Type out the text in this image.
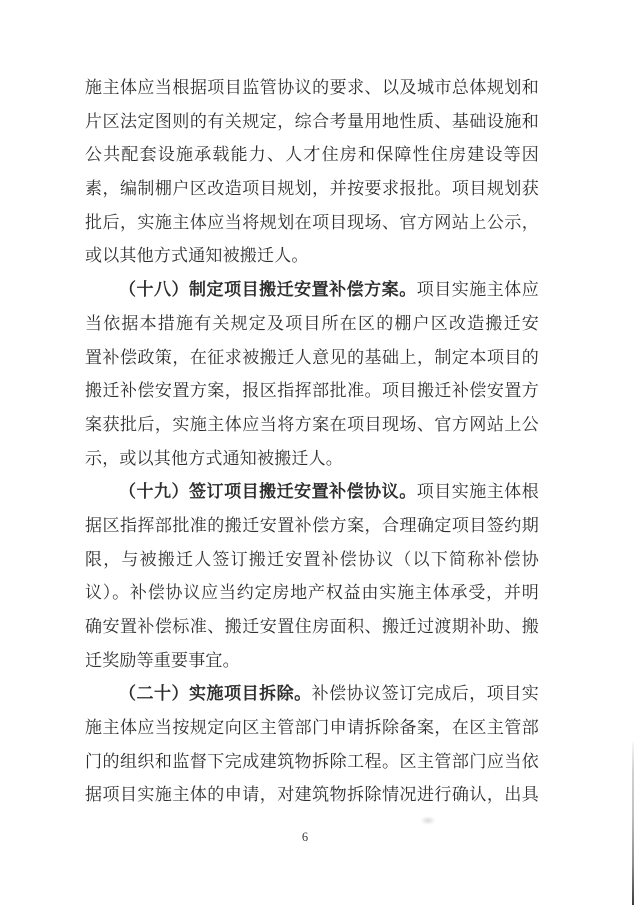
施主体应当根据项目监管协议的要求、以及城市总体规划和
片区法定图则的有关规定，综合考量用地性质、基础设施和
公共配套设施承载能力、人才住房和保障性住房建设等因
素，编制棚户区改造项目规划，并按要求报批。项目规划获
批后，实施主体应当将规划在项目现场、官方网站上公示，
或以其他方式通知被搬迁人。
（十八）制定项目搬迁安置补偿方案。项目实施主体应
当依据本措施有关规定及项目所在区的棚户区改造搬迁安
置补偿政策，在征求被搬迁人意见的基础上，制定本项目的
搬迁补偿安置方案，报区指挥部批准。项目搬迁补偿安置方
案获批后，实施主体应当将方案在项目现场、官方网站上公
示，或以其他方式通知被搬迁人。
（十九）签订项目搬迁安置补偿协议。项目实施主体根
据区指挥部批准的搬迁安置补偿方案，合理确定项目签约期
限，与被搬迁人签订搬迁安置补偿协议（以下简称补偿协
议）。补偿协议应当约定房地产权益由实施主体承受，并明
确安置补偿标准、搬迁安置住房面积、搬迁过渡期补助、搬
迁奖励等重要事宜。
（二十）实施项目拆除。补偿协议签订完成后，项目实
施主体应当按规定向区主管部门申请拆除备案，在区主管部
门的组织和监督下完成建筑物拆除工程。区主管部门应当依
据项目实施主体的申请，对建筑物拆除情况进行确认，出具
6
